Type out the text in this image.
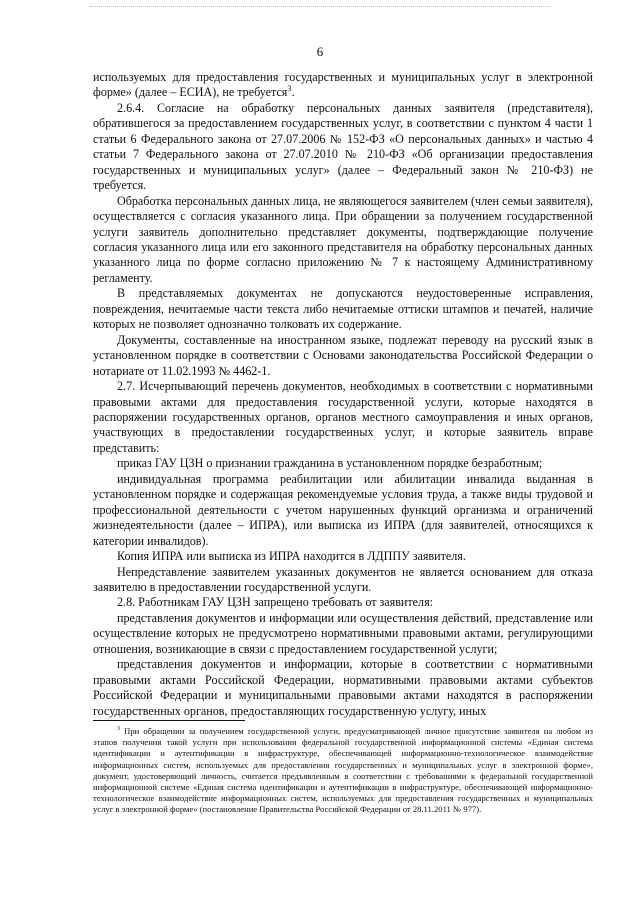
6

используемых для предоставления государственных и муниципальных услуг в электронной форме» (далее – ЕСИА), не требуется$^3$.

2.6.4. Согласие на обработку персональных данных заявителя (представителя), обратившегося за предоставлением государственных услуг, в соответствии с пунктом 4 части 1 статьи 6 Федерального закона от 27.07.2006 № 152-ФЗ «О персональных данных» и частью 4 статьи 7 Федерального закона от 27.07.2010 № 210-ФЗ «Об организации предоставления государственных и муниципальных услуг» (далее – Федеральный закон № 210-ФЗ) не требуется.

Обработка персональных данных лица, не являющегося заявителем (член семьи заявителя), осуществляется с согласия указанного лица. При обращении за получением государственной услуги заявитель дополнительно представляет документы, подтверждающие получение согласия указанного лица или его законного представителя на обработку персональных данных указанного лица по форме согласно приложению № 7 к настоящему Административному регламенту.

В представляемых документах не допускаются неудостоверенные исправления, повреждения, нечитаемые части текста либо нечитаемые оттиски штампов и печатей, наличие которых не позволяет однозначно толковать их содержание.

Документы, составленные на иностранном языке, подлежат переводу на русский язык в установленном порядке в соответствии с Основами законодательства Российской Федерации о нотариате от 11.02.1993 № 4462-1.

2.7. Исчерпывающий перечень документов, необходимых в соответствии с нормативными правовыми актами для предоставления государственной услуги, которые находятся в распоряжении государственных органов, органов местного самоуправления и иных органов, участвующих в предоставлении государственных услуг, и которые заявитель вправе представить:

приказ ГАУ ЦЗН о признании гражданина в установленном порядке безработным;

индивидуальная программа реабилитации или абилитации инвалида выданная в установленном порядке и содержащая рекомендуемые условия труда, а также виды трудовой и профессиональной деятельности с учетом нарушенных функций организма и ограничений жизнедеятельности (далее – ИПРА), или выписка из ИПРА (для заявителей, относящихся к категории инвалидов).

Копия ИПРА или выписка из ИПРА находится в ЛДППУ заявителя.

Непредставление заявителем указанных документов не является основанием для отказа заявителю в предоставлении государственной услуги.

2.8. Работникам ГАУ ЦЗН запрещено требовать от заявителя:

представления документов и информации или осуществления действий, представление или осуществление которых не предусмотрено нормативными правовыми актами, регулирующими отношения, возникающие в связи с предоставлением государственной услуги;

представления документов и информации, которые в соответствии с нормативными правовыми актами Российской Федерации, нормативными правовыми актами субъектов Российской Федерации и муниципальными правовыми актами находятся в распоряжении государственных органов, предоставляющих государственную услугу, иных

$^3$ При обращении за получением государственной услуги, предусматривающей личное присутствие заявителя на любом из этапов получения такой услуги при использовании федеральной государственной информационной системы «Единая система идентификации и аутентификации в инфраструктуре, обеспечивающей информационно-технологическое взаимодействие информационных систем, используемых для предоставления государственных и муниципальных услуг в электронной форме», документ, удостоверяющий личность, считается предъявленным в соответствии с требованиями к федеральной государственной информационной системе «Единая система идентификации и аутентификации в инфраструктуре, обеспечивающей информационно-технологическое взаимодействие информационных систем, используемых для предоставления государственных и муниципальных услуг в электронной форме» (постановление Правительства Российской Федерации от 28.11.2011 № 977).
